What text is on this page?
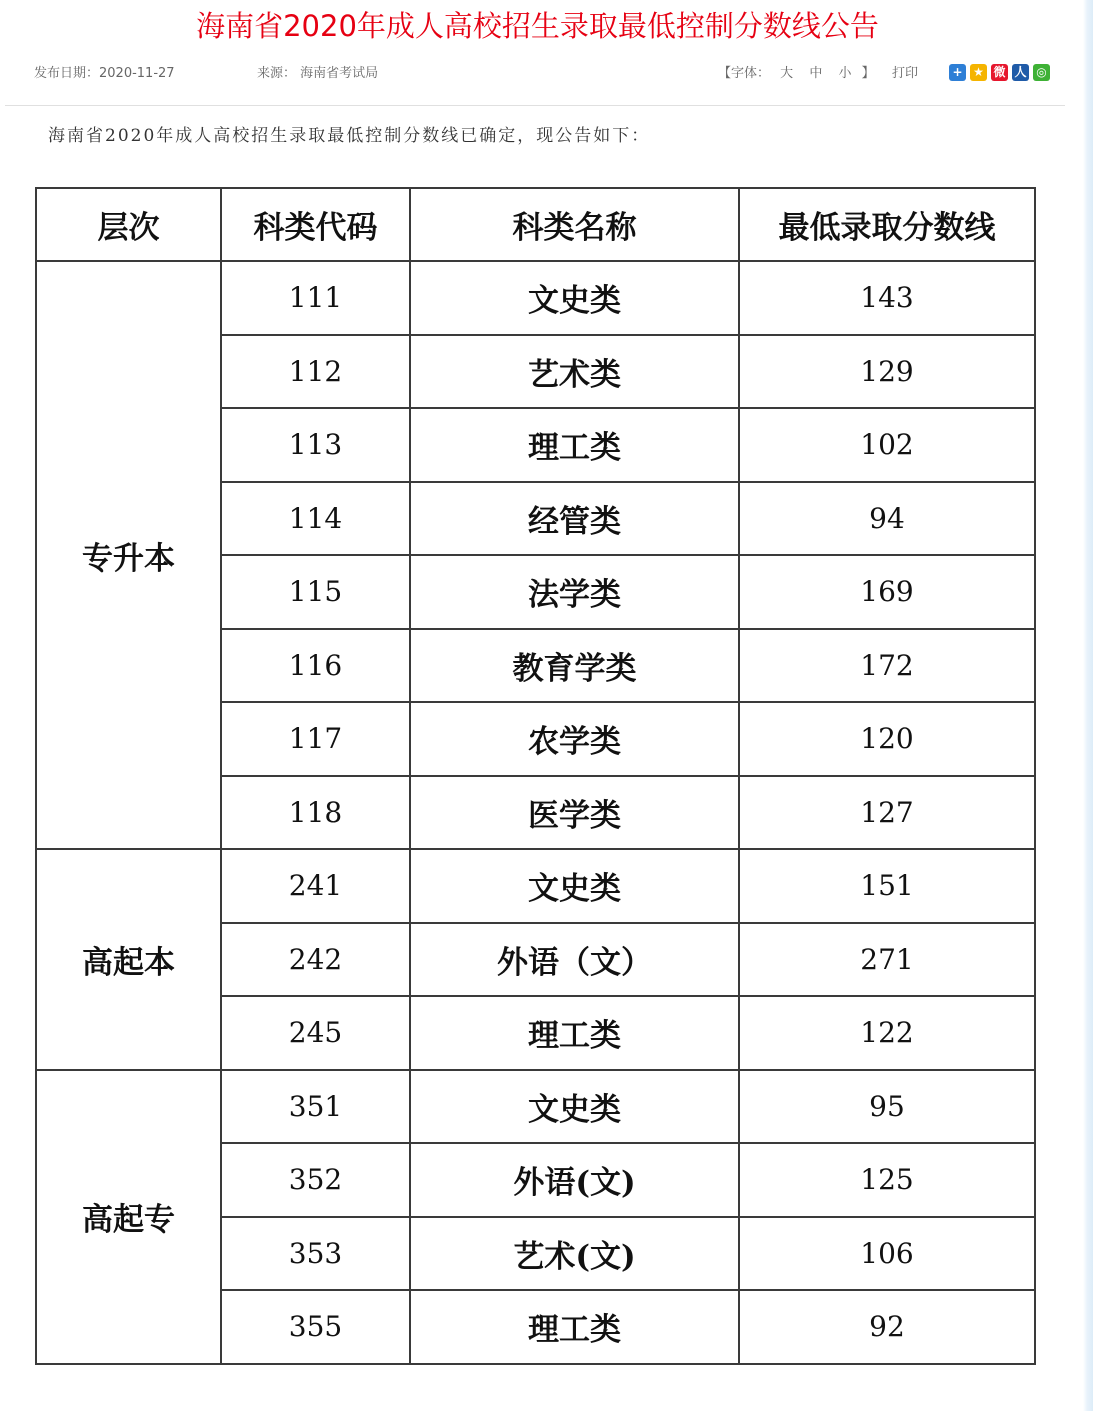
海南省2020年成人高校招生录取最低控制分数线公告
发布日期：2020-11-27	来源： 海南省考试局	【字体： 大 中 小 】 打印	+ ★ 微 人 ◎
海南省2020年成人高校招生录取最低控制分数线已确定，现公告如下：
层次	科类代码	科类名称	最低录取分数线
专升本	111	文史类	143
	112	艺术类	129
	113	理工类	102
	114	经管类	94
	115	法学类	169
	116	教育学类	172
	117	农学类	120
	118	医学类	127
高起本	241	文史类	151
	242	外语（文）	271
	245	理工类	122
高起专	351	文史类	95
	352	外语(文)	125
	353	艺术(文)	106
	355	理工类	92
